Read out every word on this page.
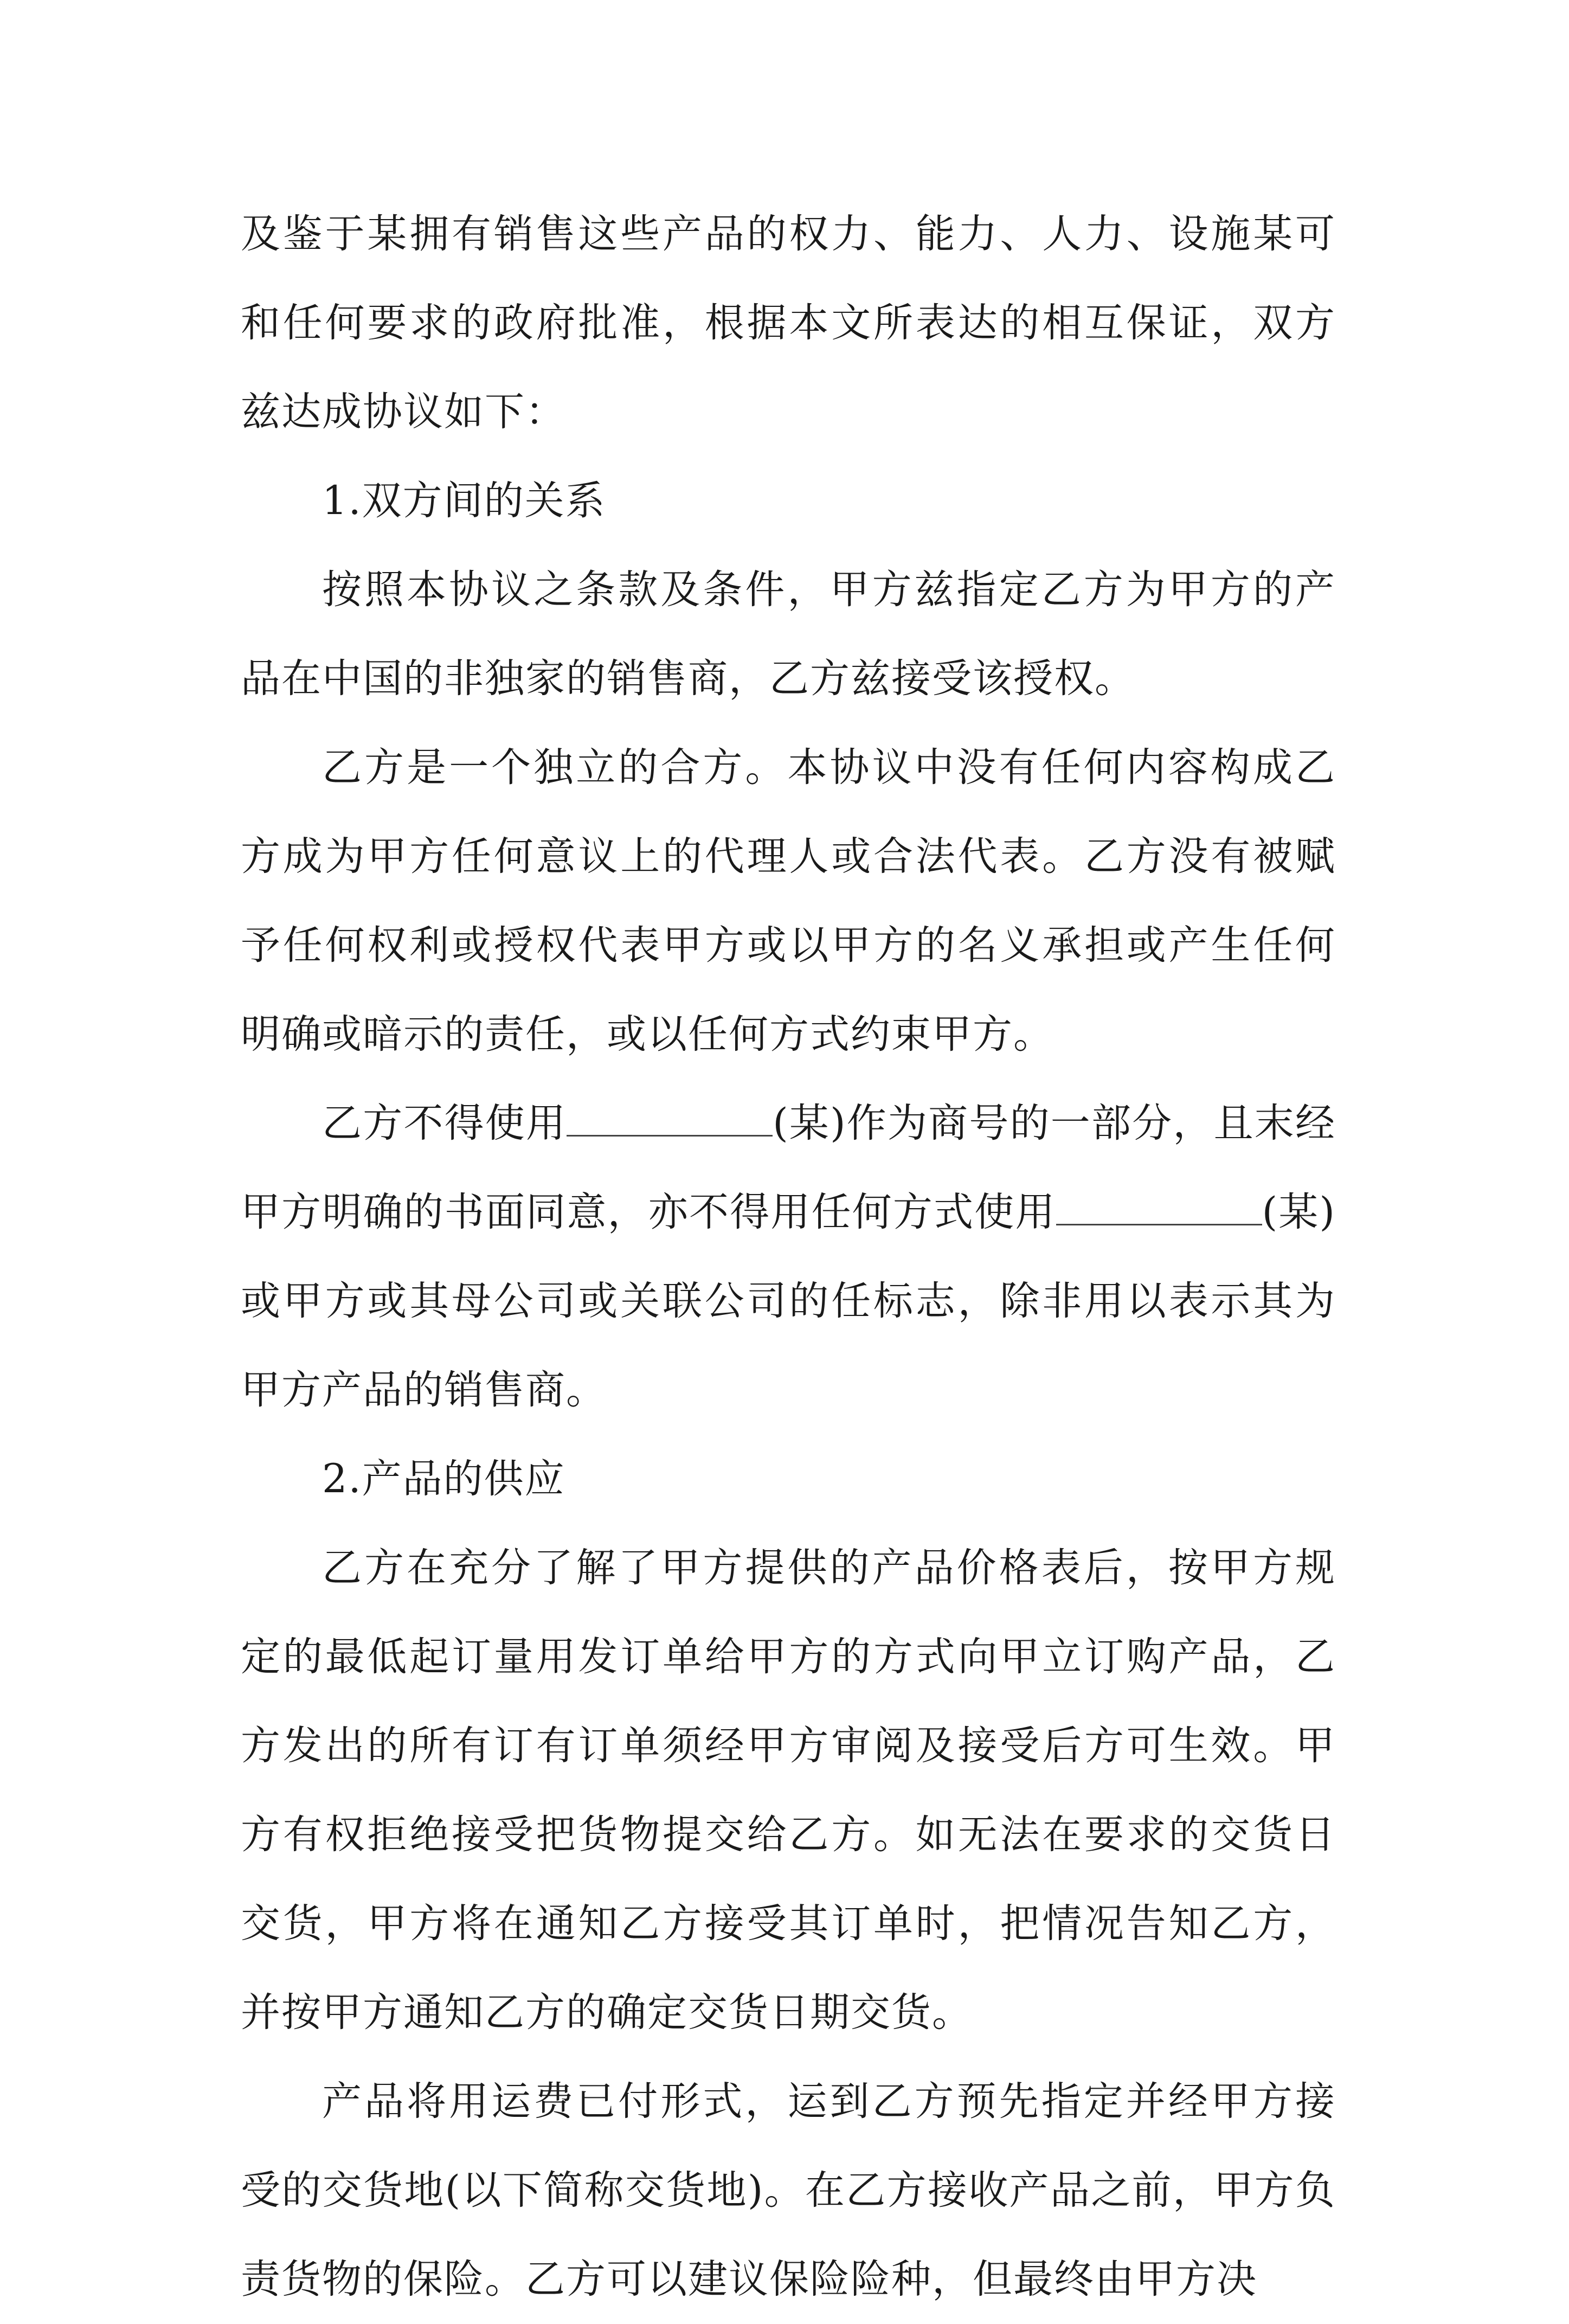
及鉴于某拥有销售这些产品的权力、能力、人力、设施某可和任何要求的政府批准，根据本文所表达的相互保证，双方兹达成协议如下：

1.双方间的关系

按照本协议之条款及条件，甲方兹指定乙方为甲方的产品在中国的非独家的销售商，乙方兹接受该授权。

乙方是一个独立的合方。本协议中没有任何内容构成乙方成为甲方任何意议上的代理人或合法代表。乙方没有被赋予任何权利或授权代表甲方或以甲方的名义承担或产生任何明确或暗示的责任，或以任何方式约束甲方。

乙方不得使用	(某)作为商号的一部分，且末经甲方明确的书面同意，亦不得用任何方式使用	(某)或甲方或其母公司或关联公司的任标志，除非用以表示其为甲方产品的销售商。

2.产品的供应

乙方在充分了解了甲方提供的产品价格表后，按甲方规定的最低起订量用发订单给甲方的方式向甲立订购产品，乙方发出的所有订有订单须经甲方审阅及接受后方可生效。甲方有权拒绝接受把货物提交给乙方。如无法在要求的交货日交货，甲方将在通知乙方接受其订单时，把情况告知乙方，并按甲方通知乙方的确定交货日期交货。

产品将用运费已付形式，运到乙方预先指定并经甲方接受的交货地(以下简称交货地)。在乙方接收产品之前，甲方负责货物的保险。乙方可以建议保险险种，但最终由甲方决
